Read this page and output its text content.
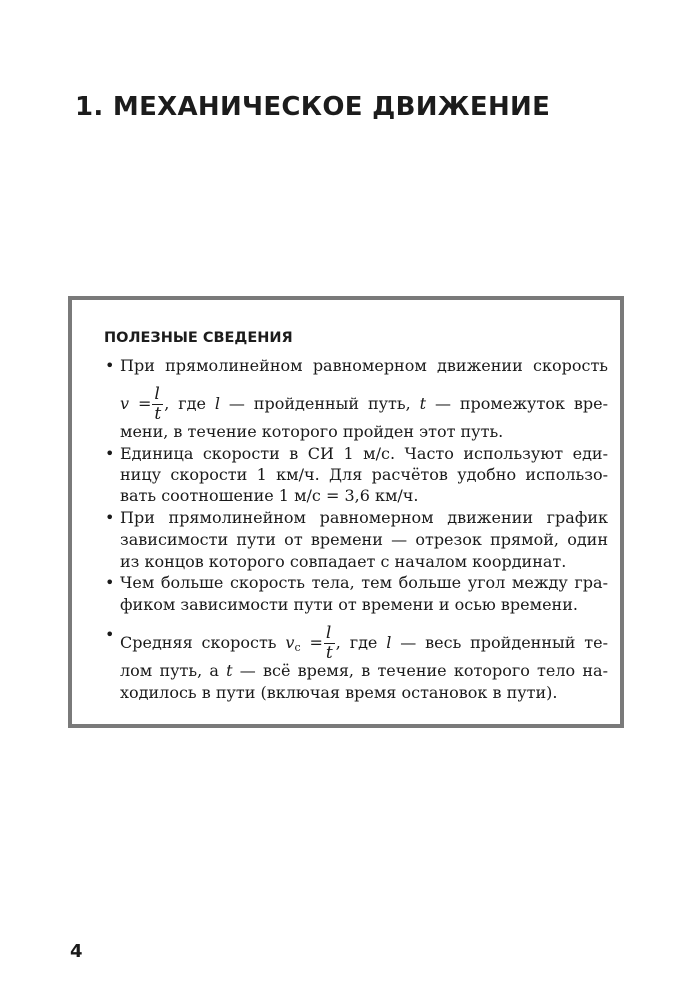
1. МЕХАНИЧЕСКОЕ ДВИЖЕНИЕ
ПОЛЕЗНЫЕ СВЕДЕНИЯ
• При прямолинейном равномерном движении скорость
$v = \frac{l}{t}$ , где l — пройденный путь, t — промежуток вре-
мени, в течение которого пройден этот путь.
• Единица скорости в СИ 1 м/с. Часто используют еди-
ницу скорости 1 км/ч. Для расчётов удобно использо-
вать соотношение 1 м/с = 3,6 км/ч.
• При прямолинейном равномерном движении график
зависимости пути от времени — отрезок прямой, один
из концов которого совпадает с началом координат.
• Чем больше скорость тела, тем больше угол между гра-
фиком зависимости пути от времени и осью времени.
• Средняя скорость $v_с = \frac{l}{t}$ , где l — весь пройденный те-
лом путь, а t — всё время, в течение которого тело на-
ходилось в пути (включая время остановок в пути).
4
